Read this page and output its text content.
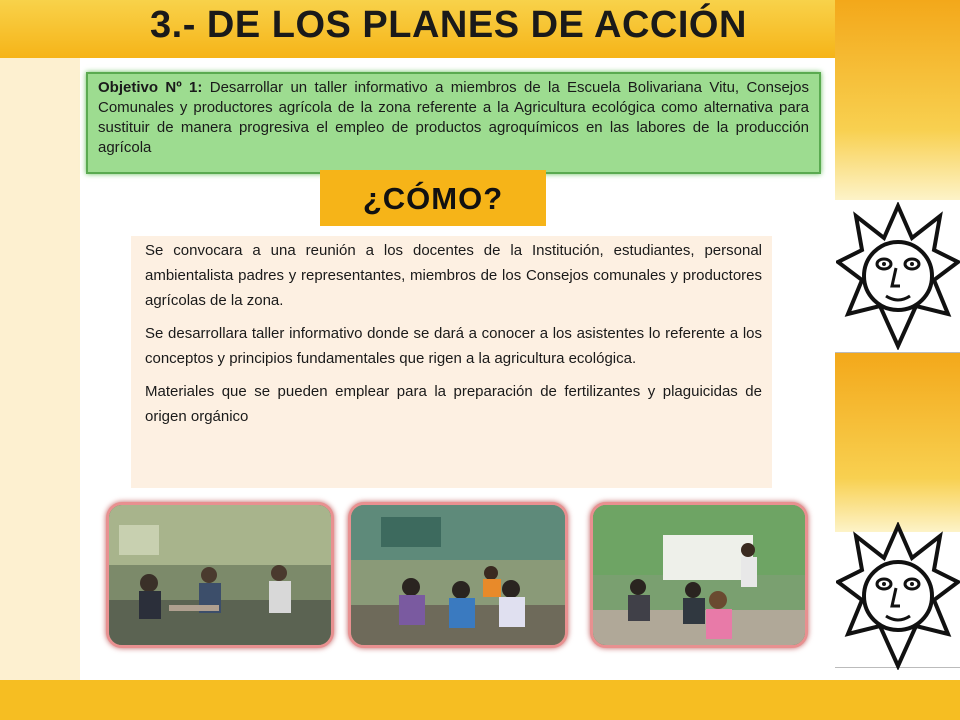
3.- DE LOS PLANES DE ACCIÓN
Objetivo Nº 1: Desarrollar un taller informativo a miembros de la Escuela Bolivariana Vitu, Consejos Comunales y productores agrícola de la zona referente a la Agricultura ecológica como alternativa para sustituir de manera progresiva el empleo de productos agroquímicos en las labores de la producción agrícola
¿CÓMO?

Se convocara a una reunión a los docentes de la Institución, estudiantes, personal ambientalista padres y representantes, miembros de los Consejos comunales y productores agrícolas de la zona.

Se desarrollara taller informativo donde se dará a conocer a los asistentes lo referente a los conceptos y principios fundamentales que rigen a la agricultura ecológica.

Materiales que se pueden emplear para la preparación de fertilizantes y plaguicidas de origen orgánico
